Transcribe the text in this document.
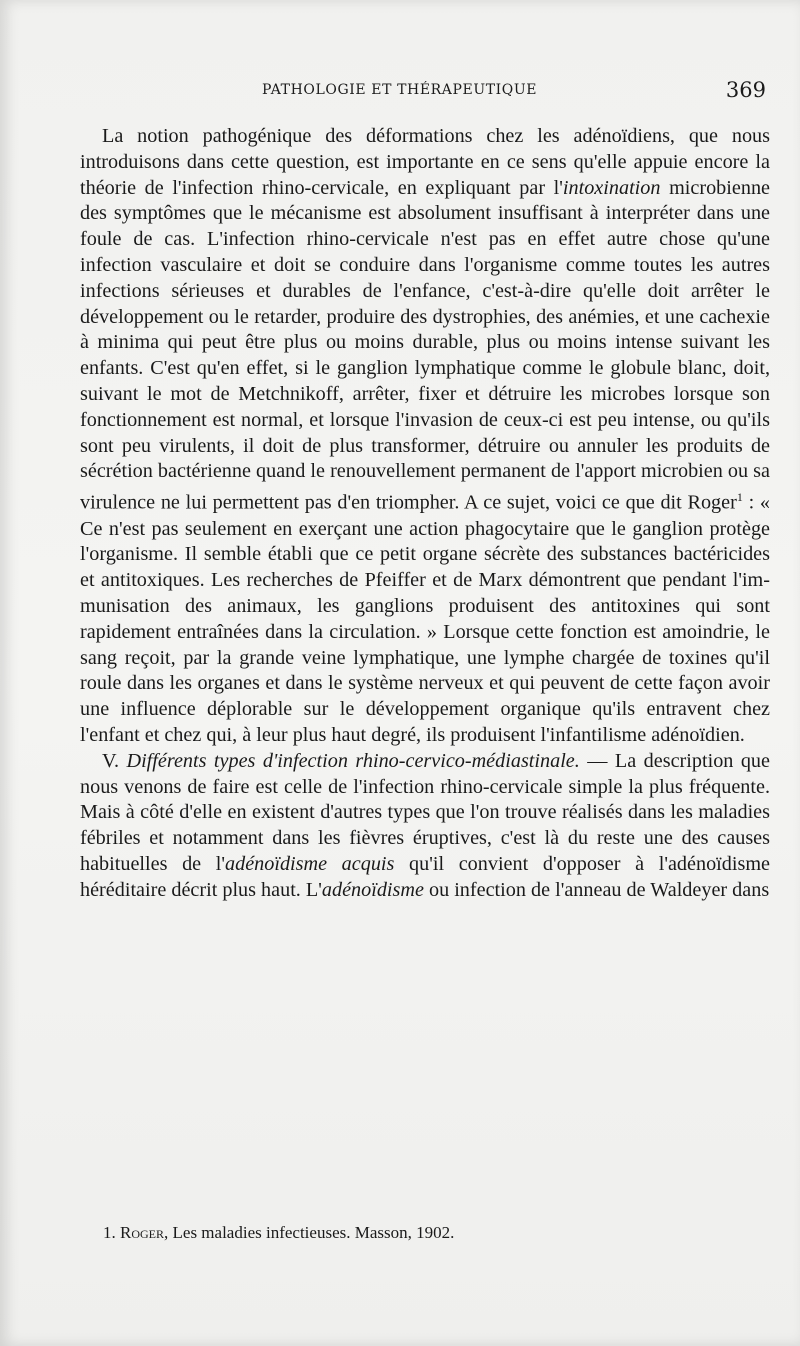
PATHOLOGIE ET THÉRAPEUTIQUE	369

La notion pathogénique des déformations chez les adénoïdiens, que nous introduisons dans cette question, est importante en ce sens qu'elle appuie encore la théorie de l'infection rhino-cervicale, en expliquant par l'intoxination microbienne des symptômes que le mécanisme est absolument insuffisant à interpréter dans une foule de cas. L'infection rhino-cervicale n'est pas en effet autre chose qu'une infection vasculaire et doit se conduire dans l'organisme comme toutes les autres infections sérieuses et durables de l'enfance, c'est-à-dire qu'elle doit arrêter le développement ou le retarder, produire des dystrophies, des anémies, et une cachexie à minima qui peut être plus ou moins durable, plus ou moins intense suivant les enfants. C'est qu'en effet, si le ganglion lymphatique comme le globule blanc, doit, suivant le mot de Metchnikoff, arrêter, fixer et détruire les microbes lorsque son fonctionnement est normal, et lorsque l'invasion de ceux-ci est peu intense, ou qu'ils sont peu virulents, il doit de plus transformer, détruire ou annuler les produits de sécrétion bactérienne quand le renouvellement permanent de l'apport microbien ou sa virulence ne lui permettent pas d'en triompher. A ce sujet, voici ce que dit Roger$^1$ : « Ce n'est pas seulement en exerçant une action phagocytaire que le ganglion protège l'organisme. Il semble établi que ce petit organe sécrète des substances bactéricides et antitoxiques. Les recherches de Pfeiffer et de Marx démontrent que pendant l'immunisation des animaux, les ganglions produisent des antitoxines qui sont rapidement entraînées dans la circulation. » Lorsque cette fonction est amoindrie, le sang reçoit, par la grande veine lymphatique, une lymphe chargée de toxines qu'il roule dans les organes et dans le système nerveux et qui peuvent de cette façon avoir une influence déplorable sur le développement organique qu'ils entravent chez l'enfant et chez qui, à leur plus haut degré, ils produisent l'infantilisme adénoïdien.

V. Différents types d'infection rhino-cervico-médiastinale. — La description que nous venons de faire est celle de l'infection rhino-cervicale simple la plus fréquente. Mais à côté d'elle en existent d'autres types que l'on trouve réalisés dans les maladies fébriles et notamment dans les fièvres éruptives, c'est là du reste une des causes habituelles de l'adénoïdisme acquis qu'il convient d'opposer à l'adénoïdisme héréditaire décrit plus haut. L'adénoïdisme ou infection de l'anneau de Waldeyer dans

1. Roger, Les maladies infectieuses. Masson, 1902.
